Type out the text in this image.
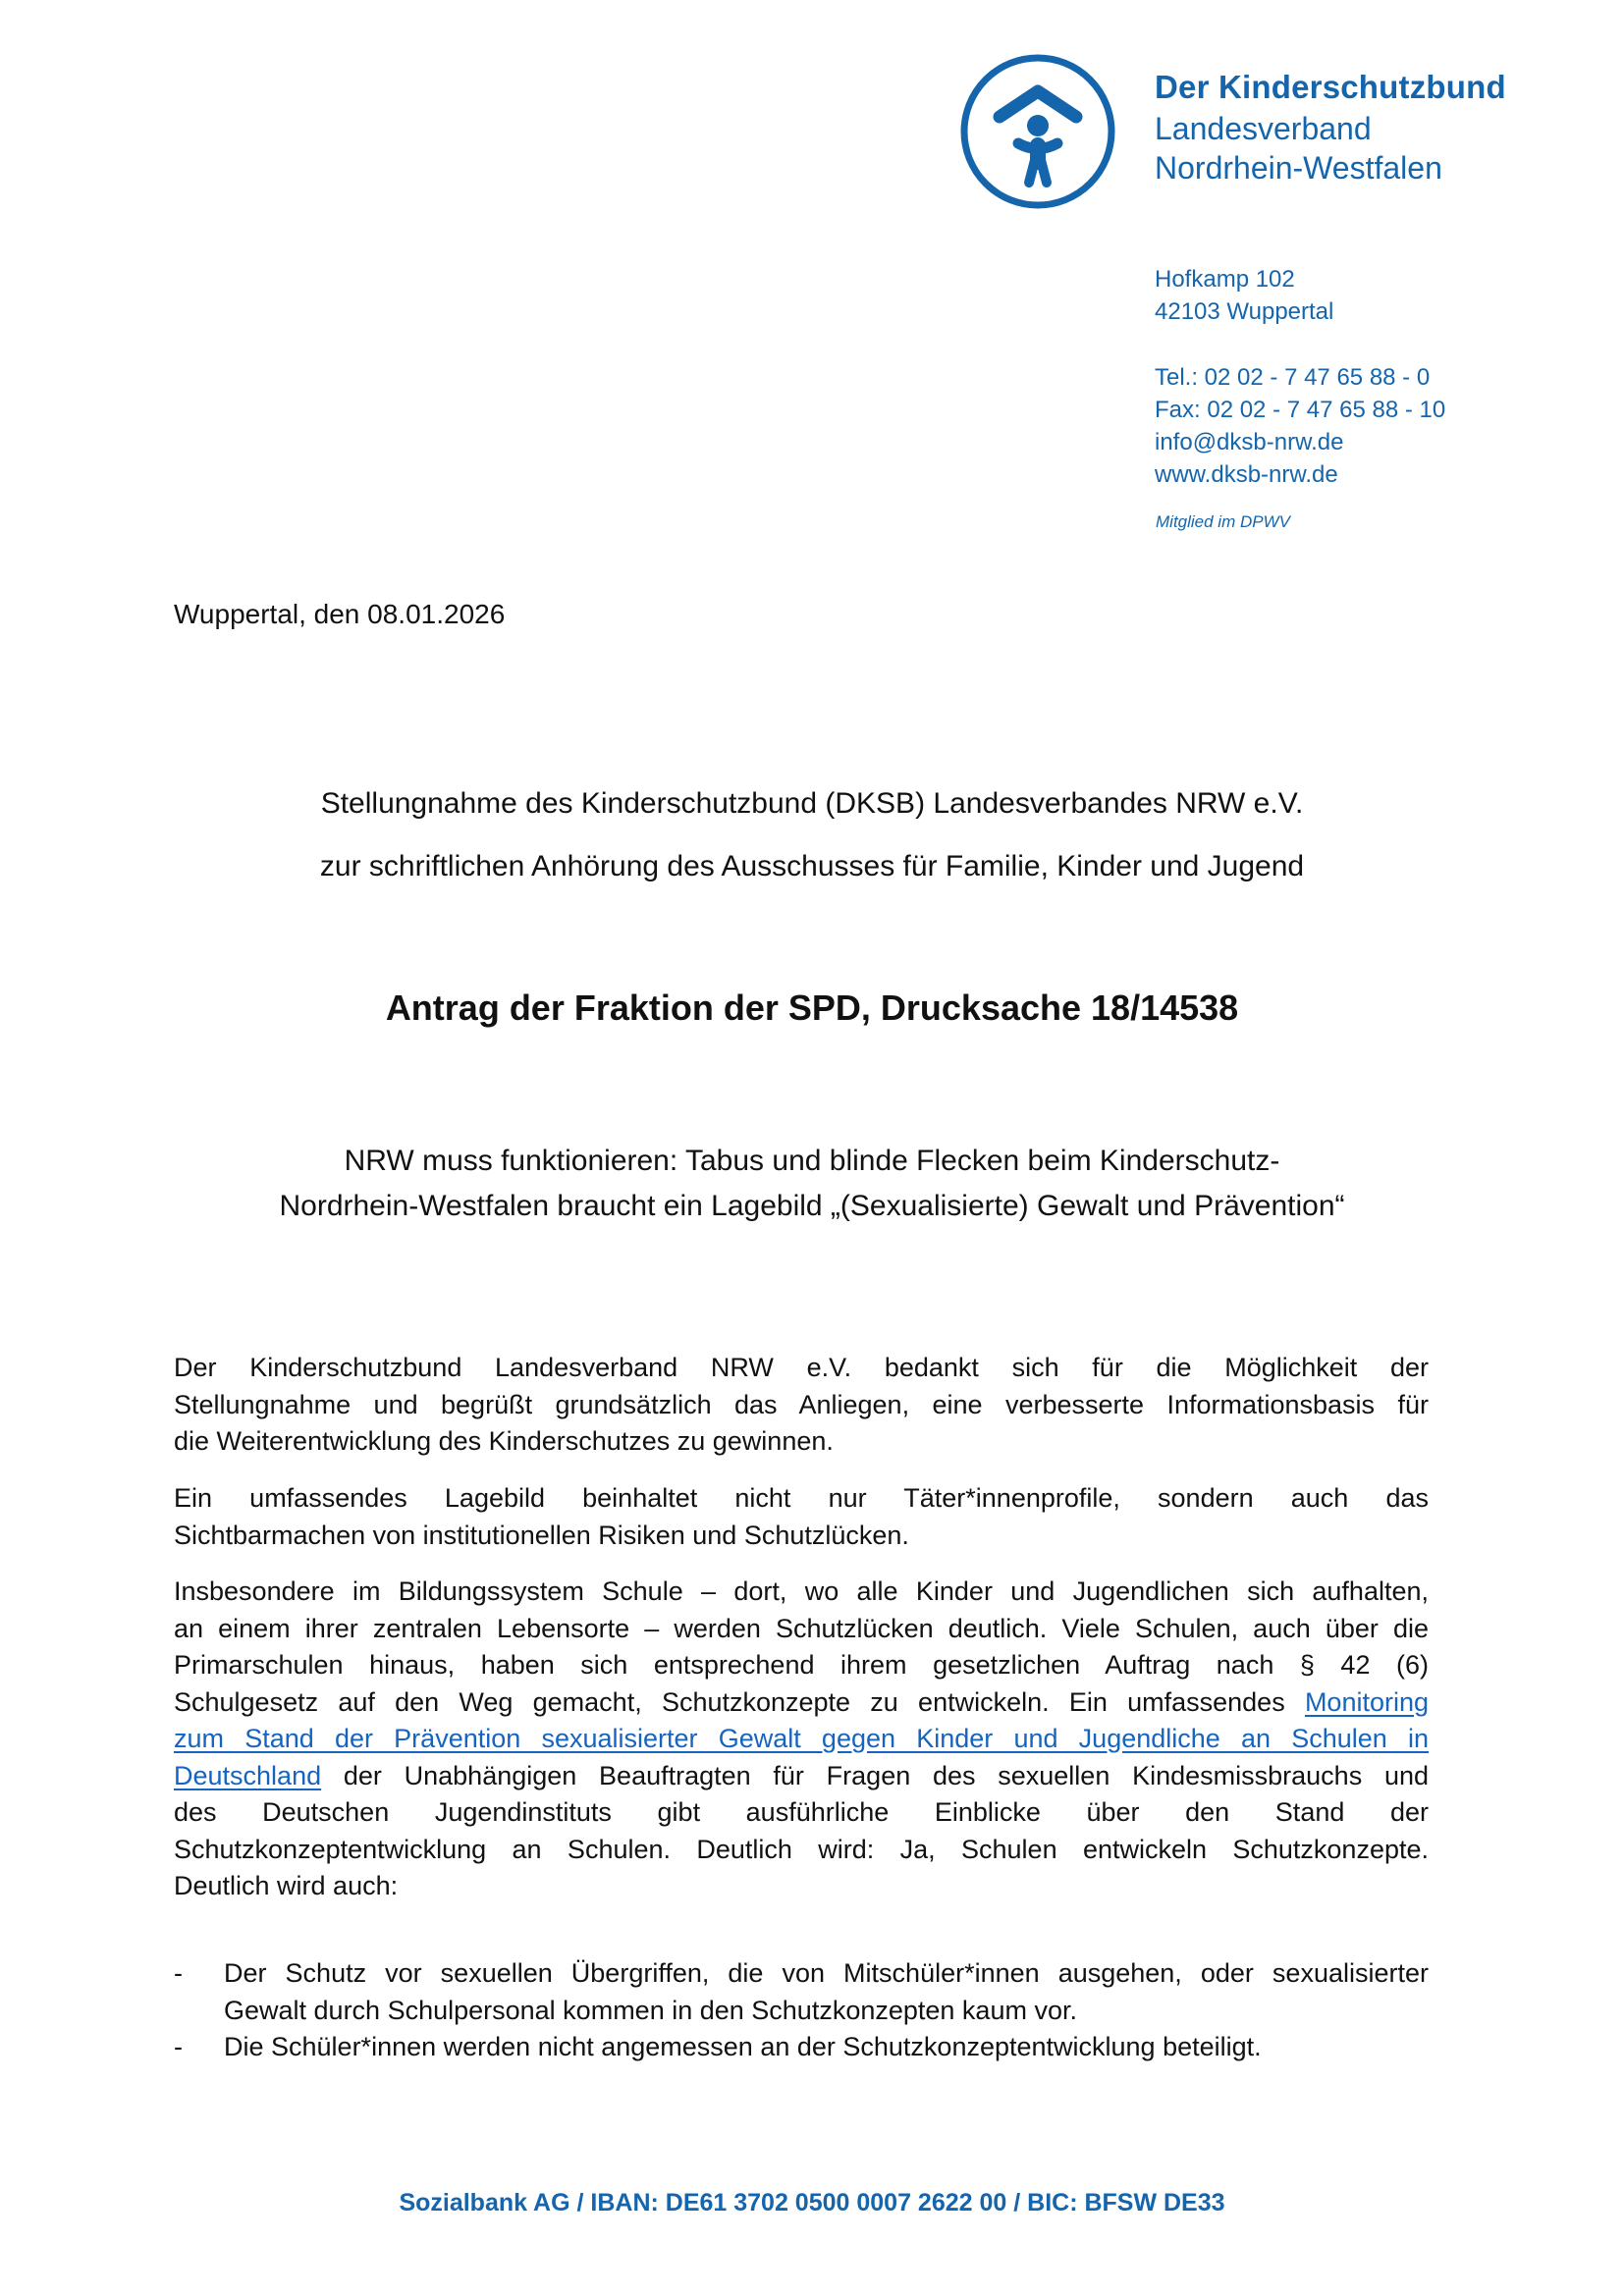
Der Kinderschutzbund
Landesverband
Nordrhein-Westfalen
Hofkamp 102
42103 Wuppertal
Tel.: 02 02 - 7 47 65 88 - 0
Fax: 02 02 - 7 47 65 88 - 10
info@dksb-nrw.de
www.dksb-nrw.de
Mitglied im DPWV
Wuppertal, den 08.01.2026
Stellungnahme des Kinderschutzbund (DKSB) Landesverbandes NRW e.V.
zur schriftlichen Anhörung des Ausschusses für Familie, Kinder und Jugend
Antrag der Fraktion der SPD, Drucksache 18/14538
NRW muss funktionieren: Tabus und blinde Flecken beim Kinderschutz-
Nordrhein-Westfalen braucht ein Lagebild „(Sexualisierte) Gewalt und Prävention“
Der Kinderschutzbund Landesverband NRW e.V. bedankt sich für die Möglichkeit der
Stellungnahme und begrüßt grundsätzlich das Anliegen, eine verbesserte Informationsbasis für
die Weiterentwicklung des Kinderschutzes zu gewinnen.
Ein umfassendes Lagebild beinhaltet nicht nur Täter*innenprofile, sondern auch das
Sichtbarmachen von institutionellen Risiken und Schutzlücken.
Insbesondere im Bildungssystem Schule – dort, wo alle Kinder und Jugendlichen sich aufhalten,
an einem ihrer zentralen Lebensorte – werden Schutzlücken deutlich. Viele Schulen, auch über die
Primarschulen hinaus, haben sich entsprechend ihrem gesetzlichen Auftrag nach § 42 (6)
Schulgesetz auf den Weg gemacht, Schutzkonzepte zu entwickeln. Ein umfassendes Monitoring
zum Stand der Prävention sexualisierter Gewalt gegen Kinder und Jugendliche an Schulen in
Deutschland der Unabhängigen Beauftragten für Fragen des sexuellen Kindesmissbrauchs und
des Deutschen Jugendinstituts gibt ausführliche Einblicke über den Stand der
Schutzkonzeptentwicklung an Schulen. Deutlich wird: Ja, Schulen entwickeln Schutzkonzepte.
Deutlich wird auch:
- Der Schutz vor sexuellen Übergriffen, die von Mitschüler*innen ausgehen, oder sexualisierter
Gewalt durch Schulpersonal kommen in den Schutzkonzepten kaum vor.
- Die Schüler*innen werden nicht angemessen an der Schutzkonzeptentwicklung beteiligt.
Sozialbank AG / IBAN: DE61 3702 0500 0007 2622 00 / BIC: BFSW DE33
